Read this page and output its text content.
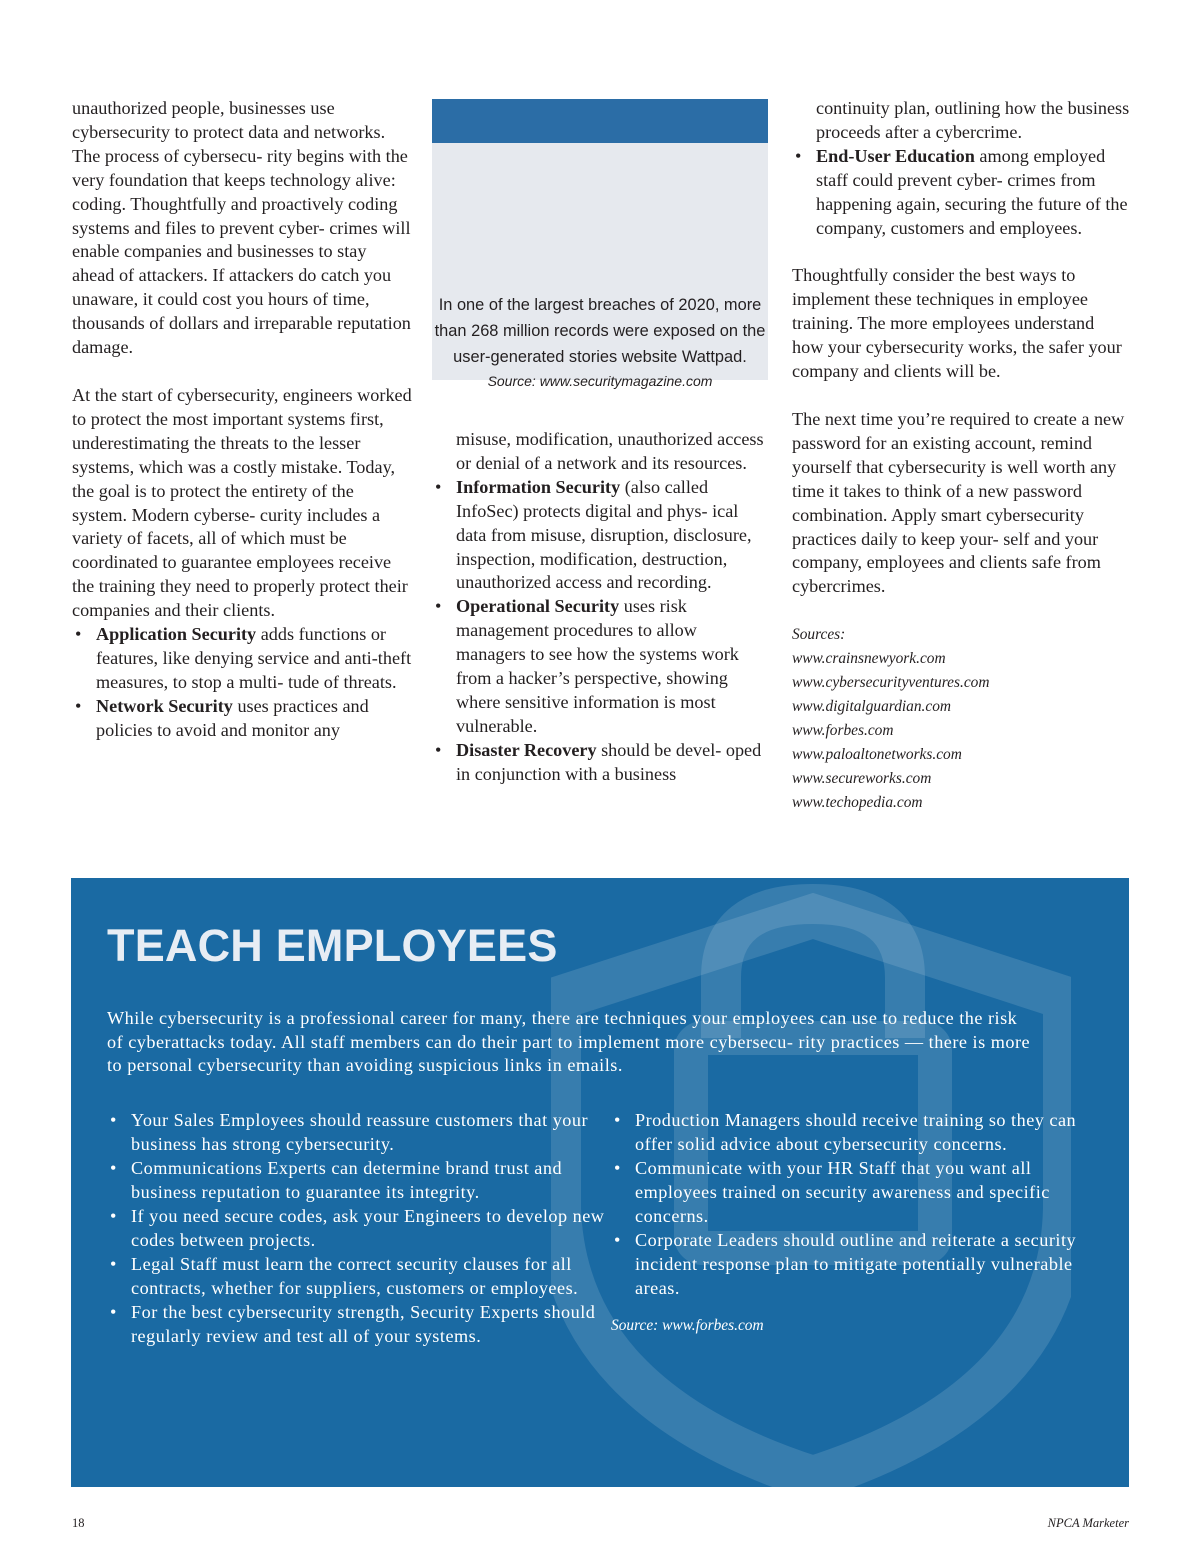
unauthorized people, businesses use cybersecurity to protect data and networks. The process of cybersecu- rity begins with the very foundation that keeps technology alive: coding. Thoughtfully and proactively coding systems and files to prevent cyber- crimes will enable companies and businesses to stay ahead of attackers. If attackers do catch you unaware, it could cost you hours of time, thousands of dollars and irreparable reputation damage.

At the start of cybersecurity, engineers worked to protect the most important systems first, underestimating the threats to the lesser systems, which was a costly mistake. Today, the goal is to protect the entirety of the system. Modern cyberse- curity includes a variety of facets, all of which must be coordinated to guarantee employees receive the training they need to properly protect their companies and their clients.

• Application Security adds functions or features, like denying service and anti-theft measures, to stop a multi- tude of threats.
• Network Security uses practices and policies to avoid and monitor any
In one of the largest breaches of 2020, more than 268 million records were exposed on the user-generated stories website Wattpad.
Source: www.securitymagazine.com

misuse, modification, unauthorized access or denial of a network and its resources.

• Information Security (also called InfoSec) protects digital and phys- ical data from misuse, disruption, disclosure, inspection, modification, destruction, unauthorized access and recording.
• Operational Security uses risk management procedures to allow managers to see how the systems work from a hacker’s perspective, showing where sensitive information is most vulnerable.
• Disaster Recovery should be devel- oped in conjunction with a business

continuity plan, outlining how the business proceeds after a cybercrime.

• End-User Education among employed staff could prevent cyber- crimes from happening again, securing the future of the company, customers and employees.

Thoughtfully consider the best ways to implement these techniques in employee training. The more employees understand how your cybersecurity works, the safer your company and clients will be.

The next time you’re required to create a new password for an existing account, remind yourself that cybersecurity is well worth any time it takes to think of a new password combination. Apply smart cybersecurity practices daily to keep your- self and your company, employees and clients safe from cybercrimes.

Sources:
www.crainsnewyork.com
www.cybersecurityventures.com
www.digitalguardian.com
www.forbes.com
www.paloaltonetworks.com
www.secureworks.com
www.techopedia.com
TEACH EMPLOYEES

While cybersecurity is a professional career for many, there are techniques your employees can use to reduce the risk of cyberattacks today. All staff members can do their part to implement more cybersecu- rity practices — there is more to personal cybersecurity than avoiding suspicious links in emails.

• Your Sales Employees should reassure customers that your business has strong cybersecurity.
• Communications Experts can determine brand trust and business reputation to guarantee its integrity.
• If you need secure codes, ask your Engineers to develop new codes between projects.
• Legal Staff must learn the correct security clauses for all contracts, whether for suppliers, customers or employees.
• For the best cybersecurity strength, Security Experts should regularly review and test all of your systems.
• Production Managers should receive training so they can offer solid advice about cybersecurity concerns.
• Communicate with your HR Staff that you want all employees trained on security awareness and specific concerns.
• Corporate Leaders should outline and reiterate a security incident response plan to mitigate potentially vulnerable areas.
Source: www.forbes.com
18	NPCA Marketer
